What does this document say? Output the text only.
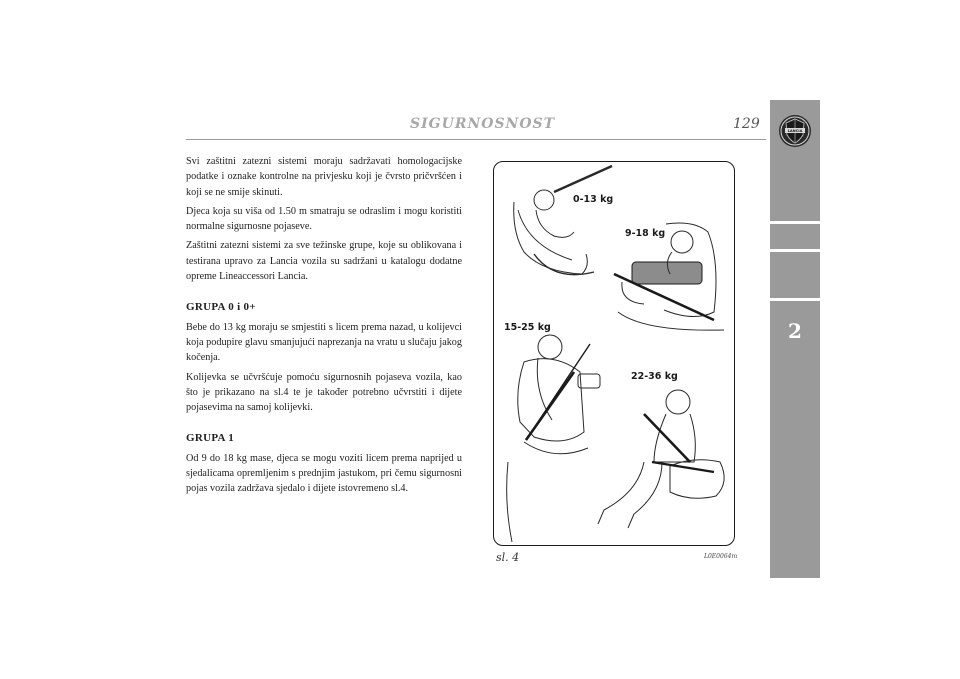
SIGURNOSNOST	129	LANCIA
2

Svi zaštitni zatezni sistemi moraju sadržavati homologacijske podatke i oznake kontrolne na privjesku koji je čvrsto pričvršćen i koji se ne smije skinuti.

Djeca koja su viša od 1.50 m smatraju se odraslim i mogu koristiti normalne sigurnosne pojaseve.

Zaštitni zatezni sistemi za sve težinske grupe, koje su oblikovana i testirana upravo za Lancia vozila su sadržani u katalogu dodatne opreme Lineaccessori Lancia.

GRUPA 0 i 0+

Bebe do 13 kg moraju se smjestiti s licem prema nazad, u kolijevci koja podupire glavu smanjujući naprezanja na vratu u slučaju jakog kočenja.

Kolijevka se učvršćuje pomoću sigurnosnih pojaseva vozila, kao što je prikazano na sl.4 te je također potrebno učvrstiti i dijete pojasevima na samoj kolijevki.

GRUPA 1

Od 9 do 18 kg mase, djeca se mogu voziti licem prema naprijed u sjedalicama opremljenim s prednjim jastukom, pri čemu sigurnosni pojas vozila zadržava sjedalo i dijete istovremeno sl.4.

0-13 kg
9-18 kg
15-25 kg
22-36 kg
sl. 4	L0E0064m
